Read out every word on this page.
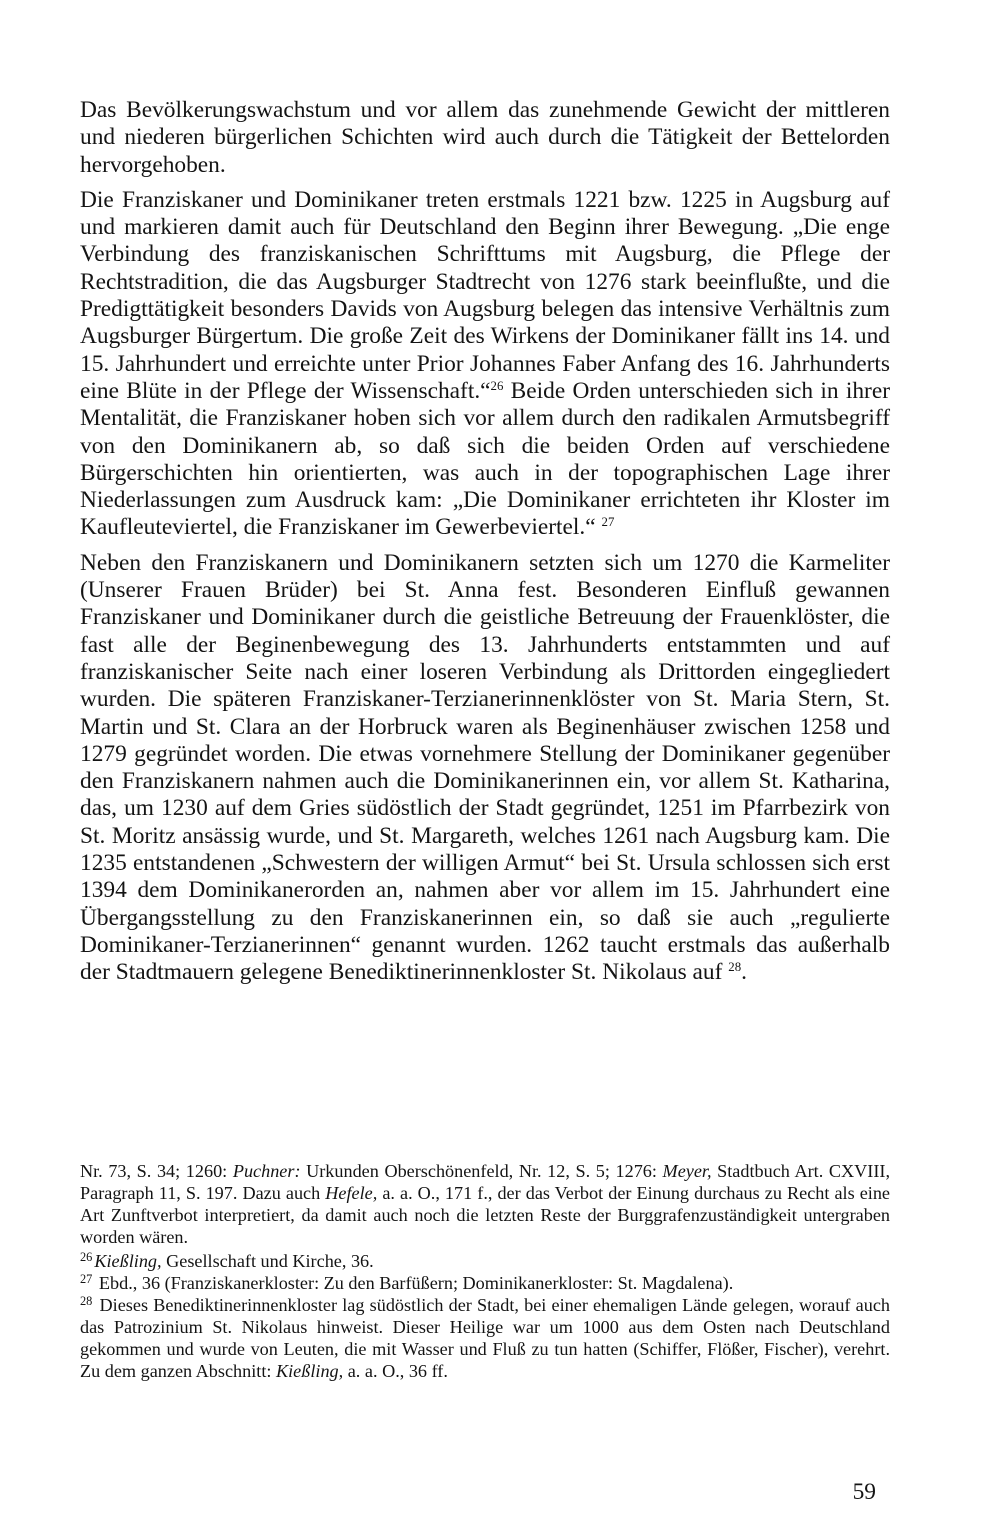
Das Bevölkerungswachstum und vor allem das zunehmende Gewicht der mittleren und niederen bürgerlichen Schichten wird auch durch die Tätigkeit der Bettelorden hervorgehoben.

Die Franziskaner und Dominikaner treten erstmals 1221 bzw. 1225 in Augsburg auf und markieren damit auch für Deutschland den Beginn ihrer Bewegung. „Die enge Verbindung des franziskanischen Schrifttums mit Augsburg, die Pflege der Rechtstradition, die das Augsburger Stadtrecht von 1276 stark beeinflußte, und die Predigttätigkeit besonders Davids von Augsburg belegen das intensive Verhältnis zum Augsburger Bürgertum. Die große Zeit des Wirkens der Dominikaner fällt ins 14. und 15. Jahrhundert und erreichte unter Prior Johannes Faber Anfang des 16. Jahrhunderts eine Blüte in der Pflege der Wissenschaft.“$^{26}$ Beide Orden unterschieden sich in ihrer Mentalität, die Franziskaner hoben sich vor allem durch den radikalen Armutsbegriff von den Dominikanern ab, so daß sich die beiden Orden auf verschiedene Bürgerschichten hin orientierten, was auch in der topographischen Lage ihrer Niederlassungen zum Ausdruck kam: „Die Dominikaner errichteten ihr Kloster im Kaufleuteviertel, die Franziskaner im Gewerbeviertel.“ $^{27}$

Neben den Franziskanern und Dominikanern setzten sich um 1270 die Karmeliter (Unserer Frauen Brüder) bei St. Anna fest. Besonderen Einfluß gewannen Franziskaner und Dominikaner durch die geistliche Betreuung der Frauenklöster, die fast alle der Beginenbewegung des 13. Jahrhunderts entstammten und auf franziskanischer Seite nach einer loseren Verbindung als Drittorden eingegliedert wurden. Die späteren Franziskaner-Terzianerinnenklöster von St. Maria Stern, St. Martin und St. Clara an der Horbruck waren als Beginenhäuser zwischen 1258 und 1279 gegründet worden. Die etwas vornehmere Stellung der Dominikaner gegenüber den Franziskanern nahmen auch die Dominikanerinnen ein, vor allem St. Katharina, das, um 1230 auf dem Gries südöstlich der Stadt gegründet, 1251 im Pfarrbezirk von St. Moritz ansässig wurde, und St. Margareth, welches 1261 nach Augsburg kam. Die 1235 entstandenen „Schwestern der willigen Armut“ bei St. Ursula schlossen sich erst 1394 dem Dominikanerorden an, nahmen aber vor allem im 15. Jahrhundert eine Übergangsstellung zu den Franziskanerinnen ein, so daß sie auch „regulierte Dominikaner-Terzianerinnen“ genannt wurden. 1262 taucht erstmals das außerhalb der Stadtmauern gelegene Benediktinerinnenkloster St. Nikolaus auf $^{28}$.

Nr. 73, S. 34; 1260: Puchner: Urkunden Oberschönenfeld, Nr. 12, S. 5; 1276: Meyer, Stadtbuch Art. CXVIII, Paragraph 11, S. 197. Dazu auch Hefele, a. a. O., 171 f., der das Verbot der Einung durchaus zu Recht als eine Art Zunftverbot interpretiert, da damit auch noch die letzten Reste der Burggrafenzuständigkeit untergraben worden wären.

$^{26}$ Kießling, Gesellschaft und Kirche, 36.

$^{27}$ Ebd., 36 (Franziskanerkloster: Zu den Barfüßern; Dominikanerkloster: St. Magdalena).

$^{28}$ Dieses Benediktinerinnenkloster lag südöstlich der Stadt, bei einer ehemaligen Lände gelegen, worauf auch das Patrozinium St. Nikolaus hinweist. Dieser Heilige war um 1000 aus dem Osten nach Deutschland gekommen und wurde von Leuten, die mit Wasser und Fluß zu tun hatten (Schiffer, Flößer, Fischer), verehrt. Zu dem ganzen Abschnitt: Kießling, a. a. O., 36 ff.

59
